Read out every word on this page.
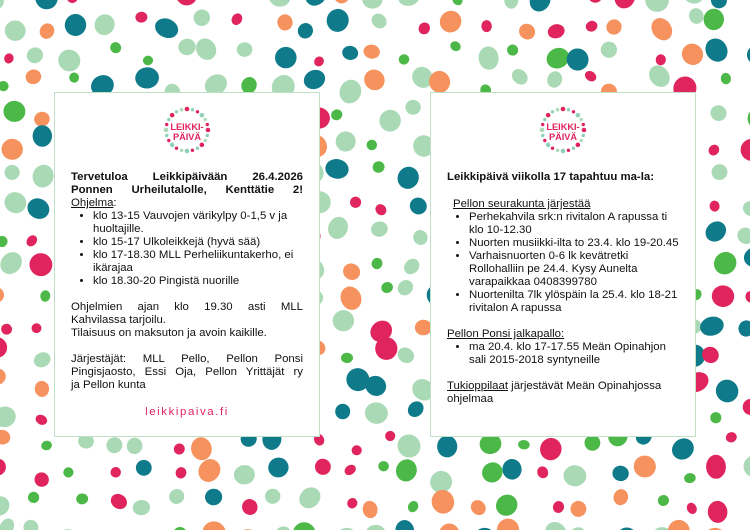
LEIKKI-
PÄIVÄ

Tervetuloa Leikkipäivään 26.4.2026

Ponnen Urheilutalolle, Kenttätie 2!

Ohjelma:

• klo 13-15 Vauvojen värikylpy 0-1,5 v ja huoltajille.
• klo 15-17 Ulkoleikkejä (hyvä sää)
• klo 17-18.30 MLL Perheliikuntakerho, ei ikärajaa
• klo 18.30-20 Pingistä nuorille

Ohjelmien ajan klo 19.30 asti MLL

Kahvilassa tarjoilu.

Tilaisuus on maksuton ja avoin kaikille.

Järjestäjät: MLL Pello, Pellon Ponsi

Pingisjaosto, Essi Oja, Pellon Yrittäjät ry

ja Pellon kunta

leikkipaiva.fi
LEIKKI-
PÄIVÄ

Leikkipäivä viikolla 17 tapahtuu ma-la:

Pellon seurakunta järjestää

• Perhekahvila srk:n rivitalon A rapussa ti klo 10-12.30
• Nuorten musiikki-ilta to 23.4. klo 19-20.45
• Varhaisnuorten 0-6 lk kevätretki Rollohalliin pe 24.4. Kysy Aunelta varapaikkaa 0408399780
• Nuortenilta 7lk ylöspäin la 25.4. klo 18-21 rivitalon A rapussa

Pellon Ponsi jalkapallo:

• ma 20.4. klo 17-17.55 Meän Opinahjon sali 2015-2018 syntyneille

Tukioppilaat järjestävät Meän Opinahjossa ohjelmaa
